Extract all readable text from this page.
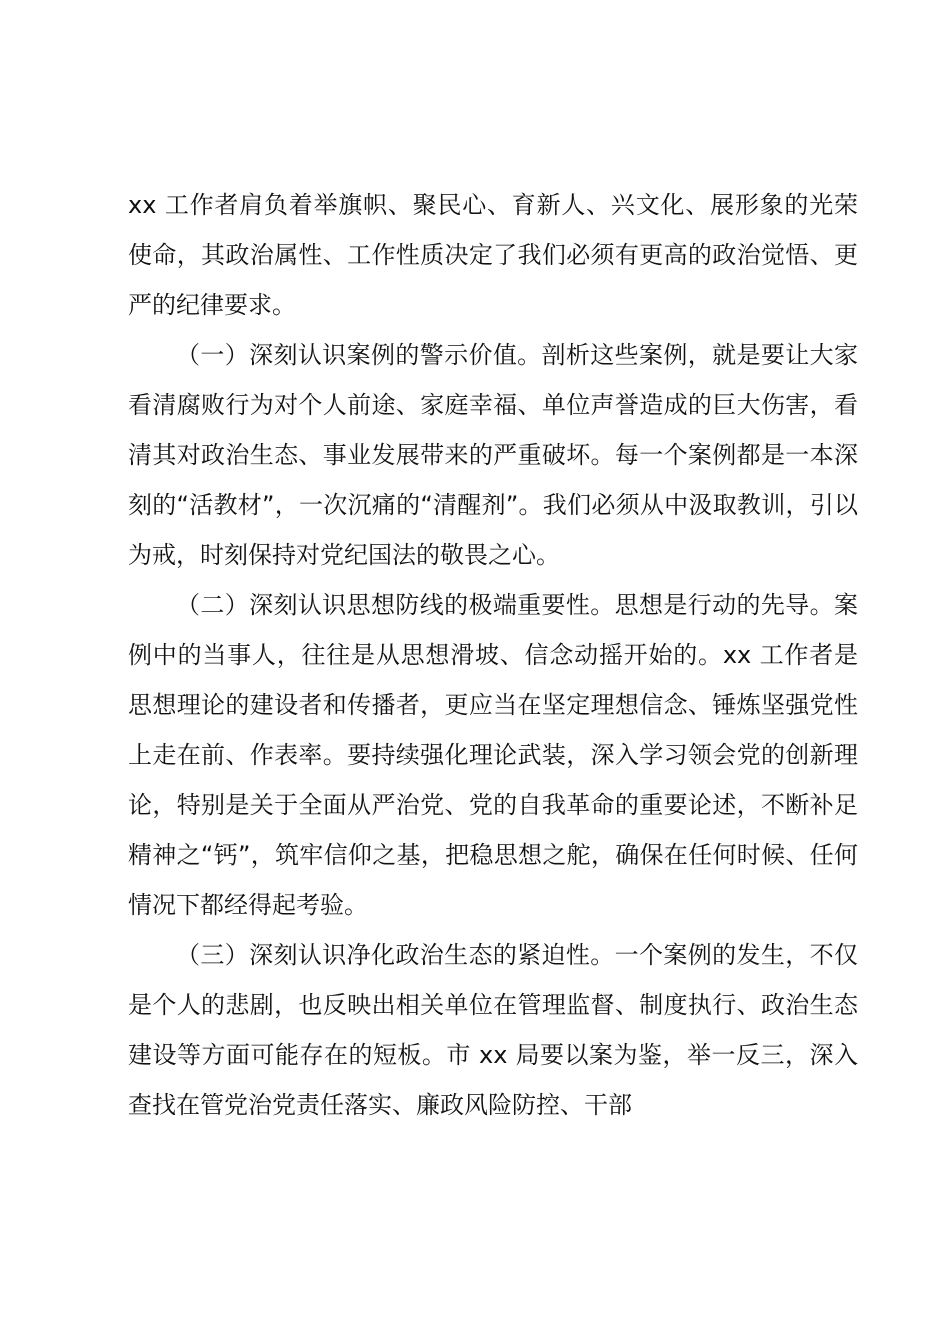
xx 工作者肩负着举旗帜、聚民心、育新人、兴文化、展形象的光荣使命，其政治属性、工作性质决定了我们必须有更高的政治觉悟、更严的纪律要求。

（一）深刻认识案例的警示价值。剖析这些案例，就是要让大家看清腐败行为对个人前途、家庭幸福、单位声誉造成的巨大伤害，看清其对政治生态、事业发展带来的严重破坏。每一个案例都是一本深刻的“活教材”，一次沉痛的“清醒剂”。我们必须从中汲取教训，引以为戒，时刻保持对党纪国法的敬畏之心。

（二）深刻认识思想防线的极端重要性。思想是行动的先导。案例中的当事人，往往是从思想滑坡、信念动摇开始的。xx 工作者是思想理论的建设者和传播者，更应当在坚定理想信念、锤炼坚强党性上走在前、作表率。要持续强化理论武装，深入学习领会党的创新理论，特别是关于全面从严治党、党的自我革命的重要论述，不断补足精神之“钙”，筑牢信仰之基，把稳思想之舵，确保在任何时候、任何情况下都经得起考验。

（三）深刻认识净化政治生态的紧迫性。一个案例的发生，不仅是个人的悲剧，也反映出相关单位在管理监督、制度执行、政治生态建设等方面可能存在的短板。市 xx 局要以案为鉴，举一反三，深入查找在管党治党责任落实、廉政风险防控、干部
